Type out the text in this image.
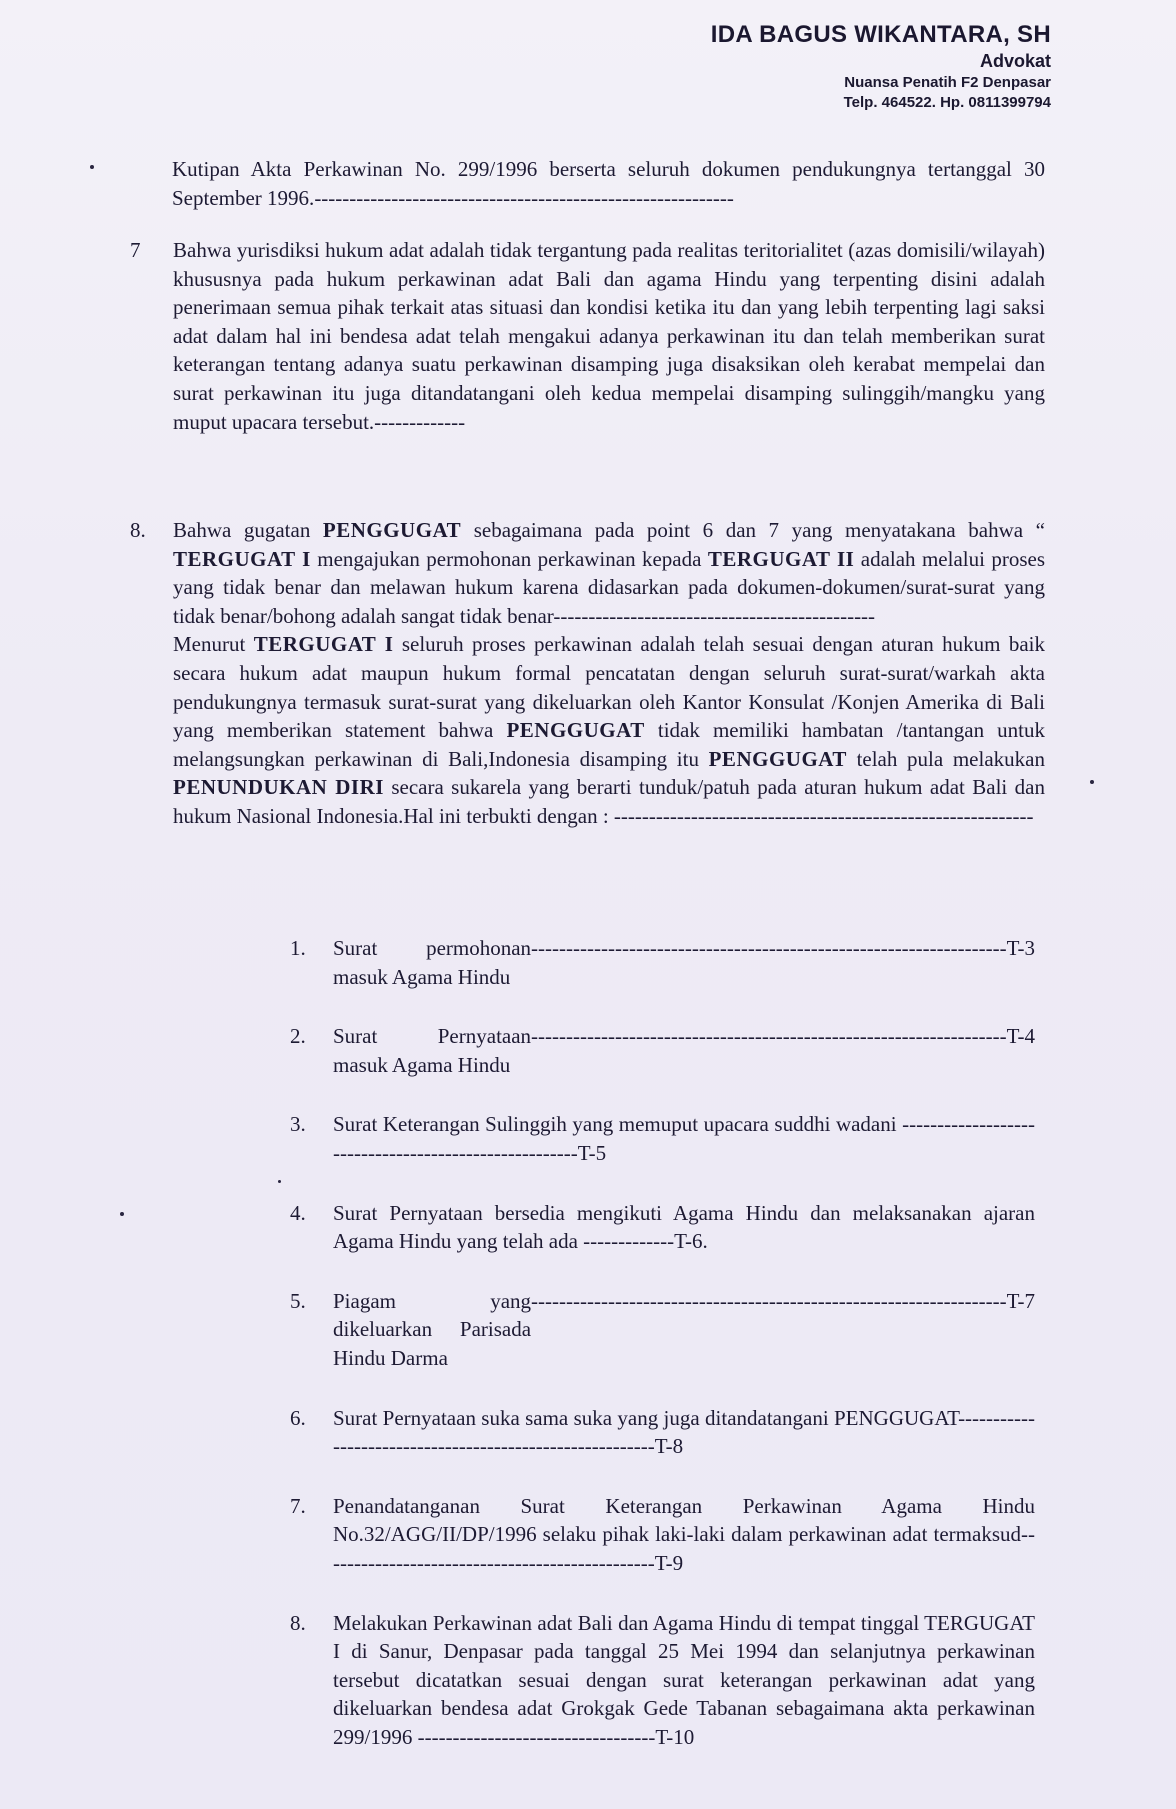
IDA BAGUS WIKANTARA, SH
Advokat
Nuansa Penatih F2 Denpasar
Telp. 464522. Hp. 0811399794
Kutipan Akta Perkawinan No. 299/1996 berserta seluruh dokumen pendukungnya tertanggal 30 September 1996.------------------------------------------------------------
7	Bahwa yurisdiksi hukum adat adalah tidak tergantung pada realitas teritorialitet (azas domisili/wilayah) khususnya pada hukum perkawinan adat Bali dan agama Hindu yang terpenting disini adalah penerimaan semua pihak terkait atas situasi dan kondisi ketika itu dan yang lebih terpenting lagi saksi adat dalam hal ini bendesa adat telah mengakui adanya perkawinan itu dan telah memberikan surat keterangan tentang adanya suatu perkawinan disamping juga disaksikan oleh kerabat mempelai dan surat perkawinan itu juga ditandatangani oleh kedua mempelai disamping sulinggih/mangku yang muput upacara tersebut.-------------
8.	Bahwa gugatan PENGGUGAT sebagaimana pada point 6 dan 7 yang menyatakana bahwa “ TERGUGAT I mengajukan permohonan perkawinan kepada TERGUGAT II adalah melalui proses yang tidak benar dan melawan hukum karena didasarkan pada dokumen-dokumen/surat-surat yang tidak benar/bohong adalah sangat tidak benar----------------------------------------------

Menurut TERGUGAT I seluruh proses perkawinan adalah telah sesuai dengan aturan hukum baik secara hukum adat maupun hukum formal pencatatan dengan seluruh surat-surat/warkah akta pendukungnya termasuk surat-surat yang dikeluarkan oleh Kantor Konsulat /Konjen Amerika di Bali yang memberikan statement bahwa PENGGUGAT tidak memiliki hambatan /tantangan untuk melangsungkan perkawinan di Bali,Indonesia disamping itu PENGGUGAT telah pula melakukan PENUNDUKAN DIRI secara sukarela yang berarti tunduk/patuh pada aturan hukum adat Bali dan hukum Nasional Indonesia.Hal ini terbukti dengan : ------------------------------------------------------------

1.	Surat permohonan masuk Agama Hindu
-------------------------------------------------------------------- T-3
2.	Surat Pernyataan masuk Agama Hindu
-------------------------------------------------------------------- T-4
3.	Surat Keterangan Sulinggih yang memuput upacara suddhi wadani ------------------------------------------------------T-5
4.	Surat Pernyataan bersedia mengikuti Agama Hindu dan melaksanakan ajaran Agama Hindu yang telah ada -------------T-6.
5.	Piagam yang dikeluarkan Parisada Hindu Darma
-------------------------------------------------------------------- T-7
6.	Surat Pernyataan suka sama suka yang juga ditandatangani PENGGUGAT---------------------------------------------------------T-8
7.	Penandatanganan Surat Keterangan Perkawinan Agama Hindu No.32/AGG/II/DP/1996 selaku pihak laki-laki dalam perkawinan adat termaksud------------------------------------------------T-9
8.	Melakukan Perkawinan adat Bali dan Agama Hindu di tempat tinggal TERGUGAT I di Sanur, Denpasar pada tanggal 25 Mei 1994 dan selanjutnya perkawinan tersebut dicatatkan sesuai dengan surat keterangan perkawinan adat yang dikeluarkan bendesa adat Grokgak Gede Tabanan sebagaimana akta perkawinan 299/1996 ----------------------------------T-10
